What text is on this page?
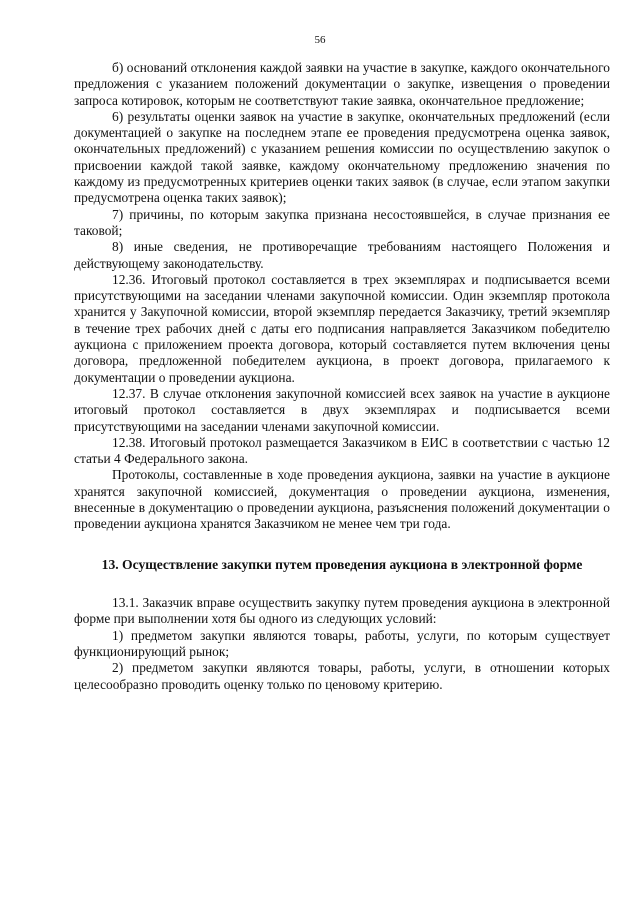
56

б) оснований отклонения каждой заявки на участие в закупке, каждого окончательного предложения с указанием положений документации о закупке, извещения о проведении запроса котировок, которым не соответствуют такие заявка, окончательное предложение;

6) результаты оценки заявок на участие в закупке, окончательных предложений (если документацией о закупке на последнем этапе ее проведения предусмотрена оценка заявок, окончательных предложений) с указанием решения комиссии по осуществлению закупок о присвоении каждой такой заявке, каждому окончательному предложению значения по каждому из предусмотренных критериев оценки таких заявок (в случае, если этапом закупки предусмотрена оценка таких заявок);

7) причины, по которым закупка признана несостоявшейся, в случае признания ее таковой;

8) иные сведения, не противоречащие требованиям настоящего Положения и действующему законодательству.

12.36. Итоговый протокол составляется в трех экземплярах и подписывается всеми присутствующими на заседании членами закупочной комиссии. Один экземпляр протокола хранится у Закупочной комиссии, второй экземпляр передается Заказчику, третий экземпляр в течение трех рабочих дней с даты его подписания направляется Заказчиком победителю аукциона с приложением проекта договора, который составляется путем включения цены договора, предложенной победителем аукциона, в проект договора, прилагаемого к документации о проведении аукциона.

12.37. В случае отклонения закупочной комиссией всех заявок на участие в аукционе итоговый протокол составляется в двух экземплярах и подписывается всеми присутствующими на заседании членами закупочной комиссии.

12.38. Итоговый протокол размещается Заказчиком в ЕИС в соответствии с частью 12 статьи 4 Федерального закона.

Протоколы, составленные в ходе проведения аукциона, заявки на участие в аукционе хранятся закупочной комиссией, документация о проведении аукциона, изменения, внесенные в документацию о проведении аукциона, разъяснения положений документации о проведении аукциона хранятся Заказчиком не менее чем три года.

13. Осуществление закупки путем проведения аукциона в электронной форме

13.1. Заказчик вправе осуществить закупку путем проведения аукциона в электронной форме при выполнении хотя бы одного из следующих условий:

1) предметом закупки являются товары, работы, услуги, по которым существует функционирующий рынок;

2) предметом закупки являются товары, работы, услуги, в отношении которых целесообразно проводить оценку только по ценовому критерию.
